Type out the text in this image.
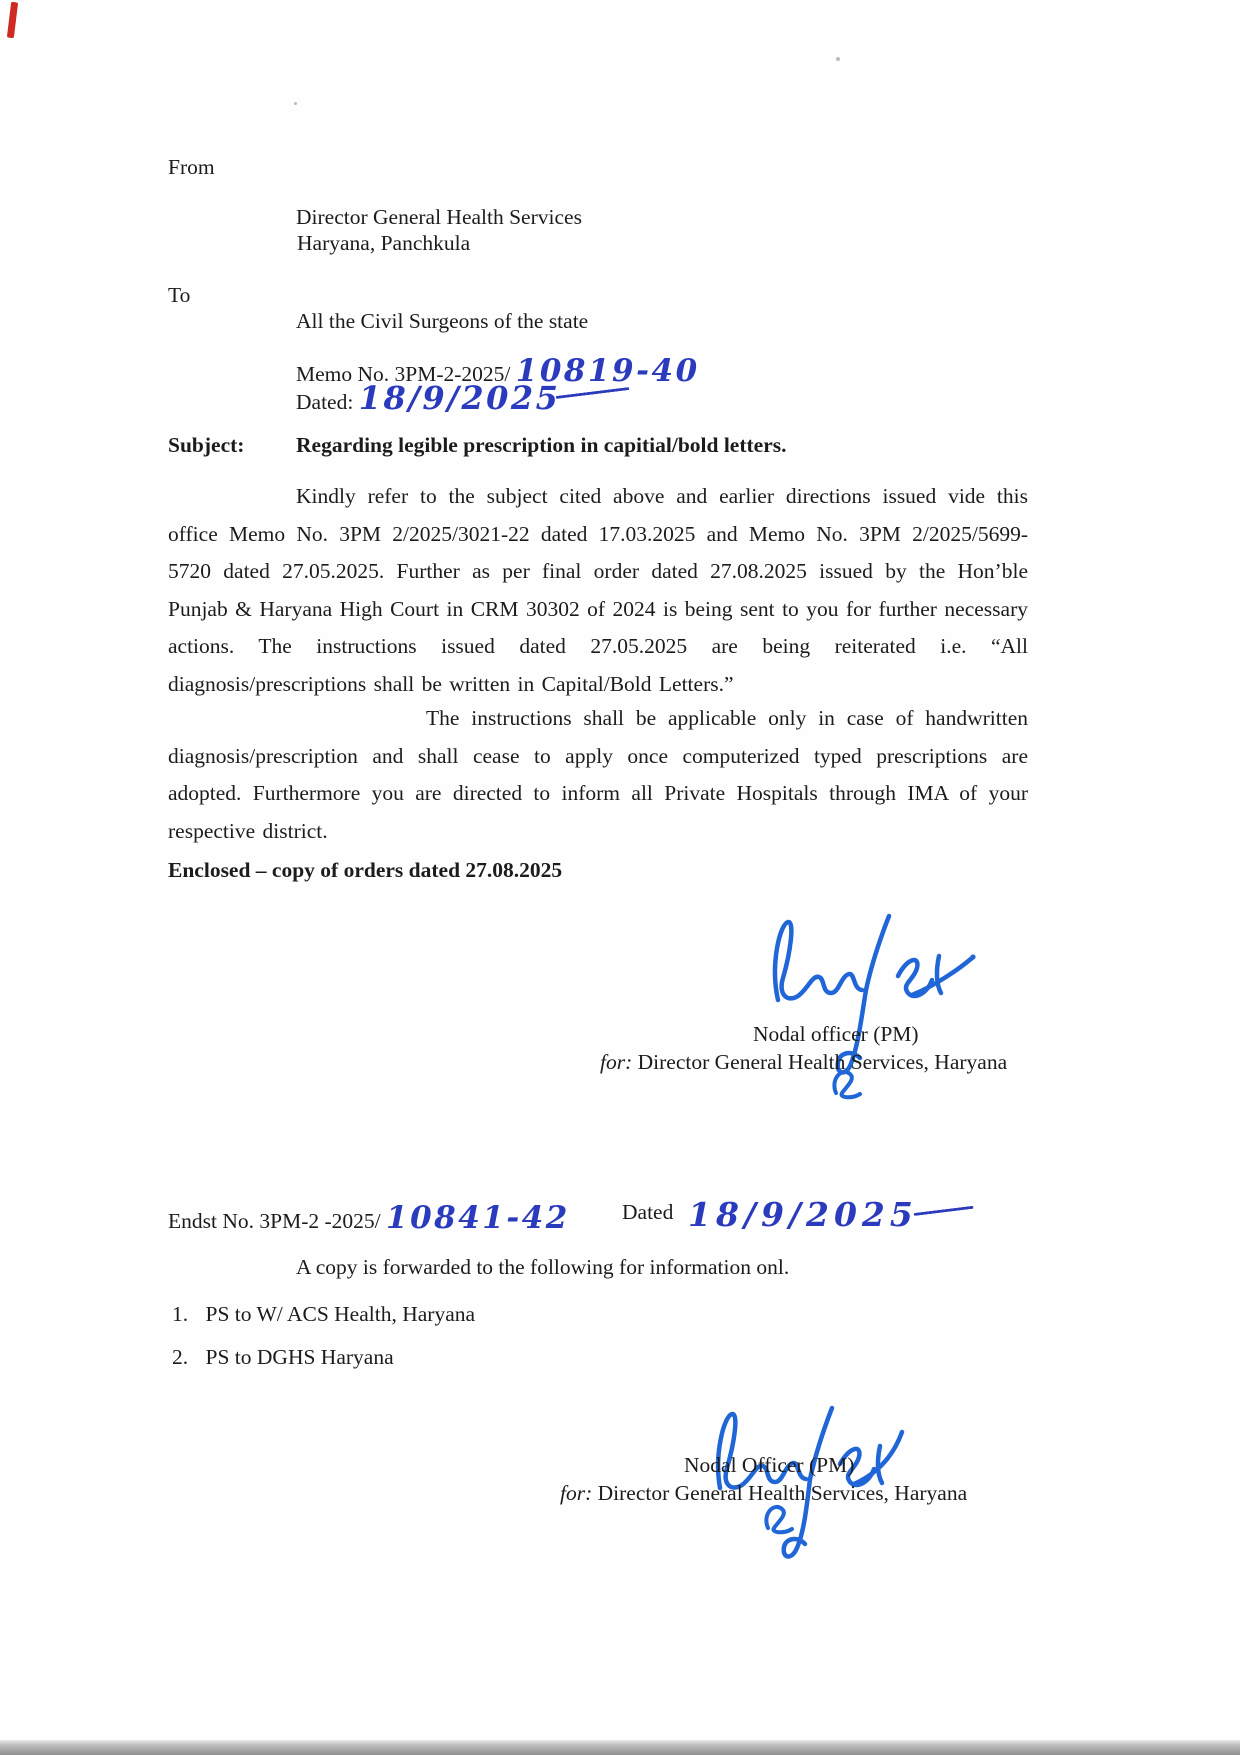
From
Director General Health Services
Haryana, Panchkula
To
All the Civil Surgeons of the state
Memo No. 3PM-2-2025/ 10819-40
Dated: 18/9/2025
Subject: Regarding legible prescription in capitial/bold letters.

Kindly refer to the subject cited above and earlier directions issued vide this office Memo No. 3PM 2/2025/3021-22 dated 17.03.2025 and Memo No. 3PM 2/2025/5699-5720 dated 27.05.2025. Further as per final order dated 27.08.2025 issued by the Hon’ble Punjab & Haryana High Court in CRM 30302 of 2024 is being sent to you for further necessary actions. The instructions issued dated 27.05.2025 are being reiterated i.e. “All diagnosis/prescriptions shall be written in Capital/Bold Letters.”

The instructions shall be applicable only in case of handwritten diagnosis/prescription and shall cease to apply once computerized typed prescriptions are adopted. Furthermore you are directed to inform all Private Hospitals through IMA of your respective district.

Enclosed – copy of orders dated 27.08.2025
Nodal officer (PM)
for: Director General Health Services, Haryana
Endst No. 3PM-2 -2025/ 10841-42 Dated 18/9/2025
A copy is forwarded to the following for information onl.
1. PS to W/ ACS Health, Haryana
2. PS to DGHS Haryana
Nodal Officer (PM)
for: Director General Health Services, Haryana
